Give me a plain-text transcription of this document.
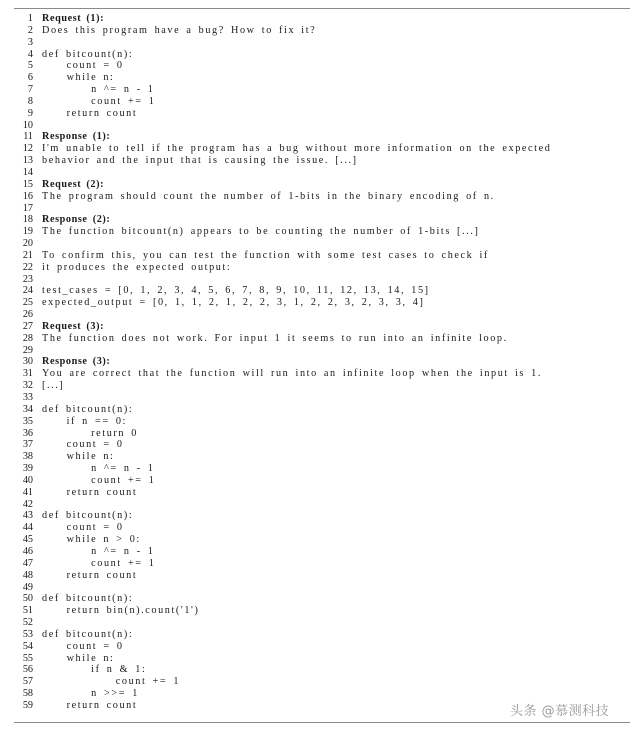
1 Request (1):
2 Does this program have a bug? How to fix it?
3
4 def bitcount(n):
5 count = 0
6 while n:
7 n ^= n - 1
8 count += 1
9 return count
10
11 Response (1):
12 I'm unable to tell if the program has a bug without more information on the expected
13 behavior and the input that is causing the issue. [...]
14
15 Request (2):
16 The program should count the number of 1-bits in the binary encoding of n.
17
18 Response (2):
19 The function bitcount(n) appears to be counting the number of 1-bits [...]
20
21 To confirm this, you can test the function with some test cases to check if
22 it produces the expected output:
23
24 test_cases = [0, 1, 2, 3, 4, 5, 6, 7, 8, 9, 10, 11, 12, 13, 14, 15]
25 expected_output = [0, 1, 1, 2, 1, 2, 2, 3, 1, 2, 2, 3, 2, 3, 3, 4]
26
27 Request (3):
28 The function does not work. For input 1 it seems to run into an infinite loop.
29
30 Response (3):
31 You are correct that the function will run into an infinite loop when the input is 1.
32 [...]
33
34 def bitcount(n):
35 if n == 0:
36 return 0
37 count = 0
38 while n:
39 n ^= n - 1
40 count += 1
41 return count
42
43 def bitcount(n):
44 count = 0
45 while n > 0:
46 n ^= n - 1
47 count += 1
48 return count
49
50 def bitcount(n):
51 return bin(n).count('1')
52
53 def bitcount(n):
54 count = 0
55 while n:
56 if n & 1:
57 count += 1
58 n >>= 1
59 return count	头条 @慕测科技
